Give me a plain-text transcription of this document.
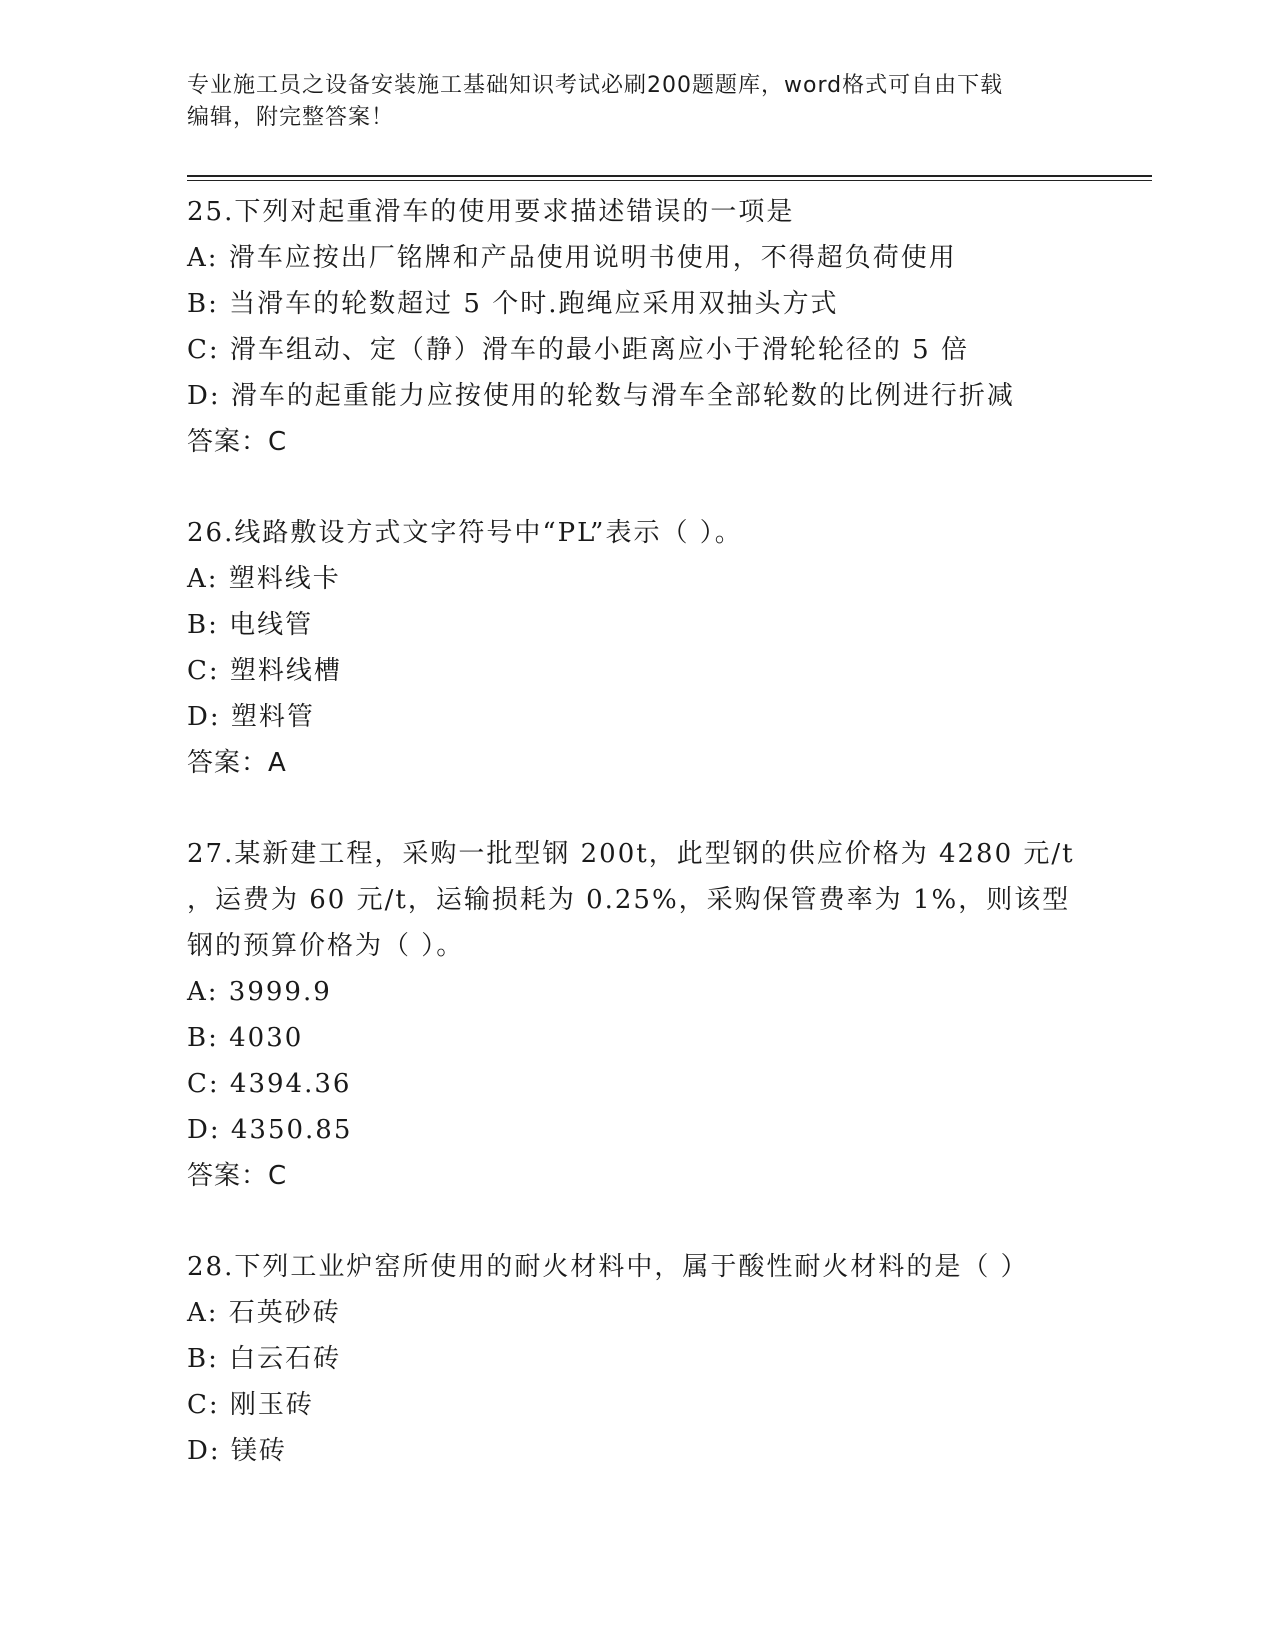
专业施工员之设备安装施工基础知识考试必刷200题题库，word格式可自由下载
编辑，附完整答案！
25.下列对起重滑车的使用要求描述错误的一项是
A: 滑车应按出厂铭牌和产品使用说明书使用，不得超负荷使用
B: 当滑车的轮数超过 5 个时.跑绳应采用双抽头方式
C: 滑车组动、定（静）滑车的最小距离应小于滑轮轮径的 5 倍
D: 滑车的起重能力应按使用的轮数与滑车全部轮数的比例进行折减
答案：C
26.线路敷设方式文字符号中“PL”表示（ ）。
A: 塑料线卡
B: 电线管
C: 塑料线槽
D: 塑料管
答案：A
27.某新建工程，采购一批型钢 200t，此型钢的供应价格为 4280 元/t
，运费为 60 元/t，运输损耗为 0.25%，采购保管费率为 1%，则该型
钢的预算价格为（ ）。
A: 3999.9
B: 4030
C: 4394.36
D: 4350.85
答案：C
28.下列工业炉窑所使用的耐火材料中，属于酸性耐火材料的是（ ）
A: 石英砂砖
B: 白云石砖
C: 刚玉砖
D: 镁砖
